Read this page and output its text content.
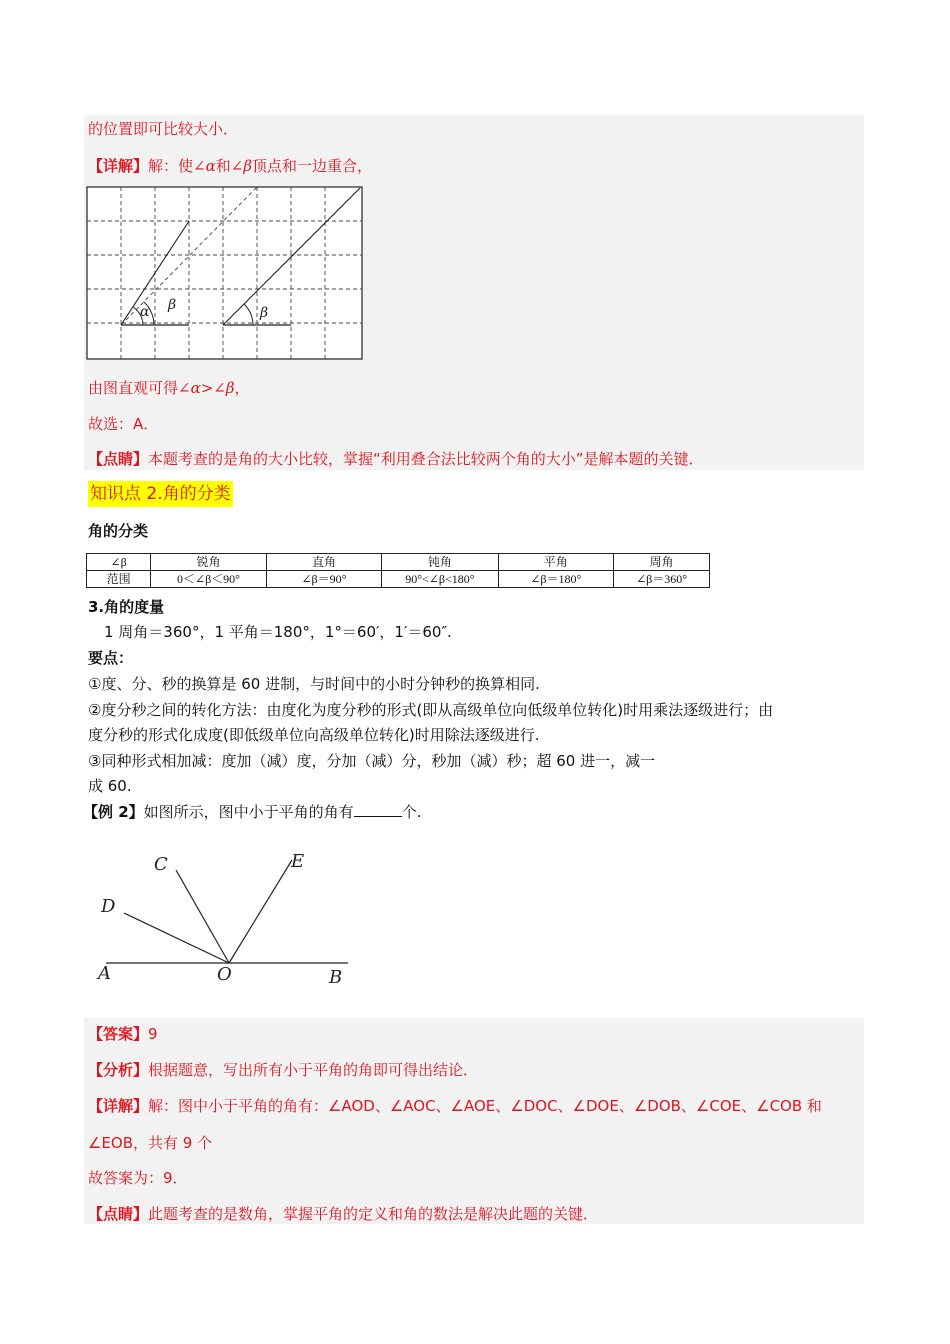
的位置即可比较大小．
【详解】解：使∠α和∠β顶点和一边重合，
α β	β
由图直观可得∠α>∠β，
故选：A．
【点睛】本题考查的是角的大小比较，掌握“利用叠合法比较两个角的大小”是解本题的关键．
知识点 2.角的分类
角的分类
∠β	锐角	直角	钝角	平角	周角
范围	0＜∠β＜90°	∠β＝90°	90°<∠β<180°	∠β＝180°	∠β＝360°
3.角的度量
1 周角＝360°，1 平角＝180°，1°＝60′，1′＝60″.
要点：
①度、分、秒的换算是 60 进制，与时间中的小时分钟秒的换算相同.
②度分秒之间的转化方法：由度化为度分秒的形式(即从高级单位向低级单位转化)时用乘法逐级进行；由
度分秒的形式化成度(即低级单位向高级单位转化)时用除法逐级进行.
③同种形式相加减：度加（减）度，分加（减）分，秒加（减）秒；超 60 进一，减一
成 60.
【例 2】如图所示，图中小于平角的角有	个.
A	O	B
C
D
E
【答案】9
【分析】根据题意，写出所有小于平角的角即可得出结论．
【详解】解：图中小于平角的角有：∠AOD、∠AOC、∠AOE、∠DOC、∠DOE、∠DOB、∠COE、∠COB 和
∠EOB，共有 9 个
故答案为：9．
【点睛】此题考查的是数角，掌握平角的定义和角的数法是解决此题的关键．
